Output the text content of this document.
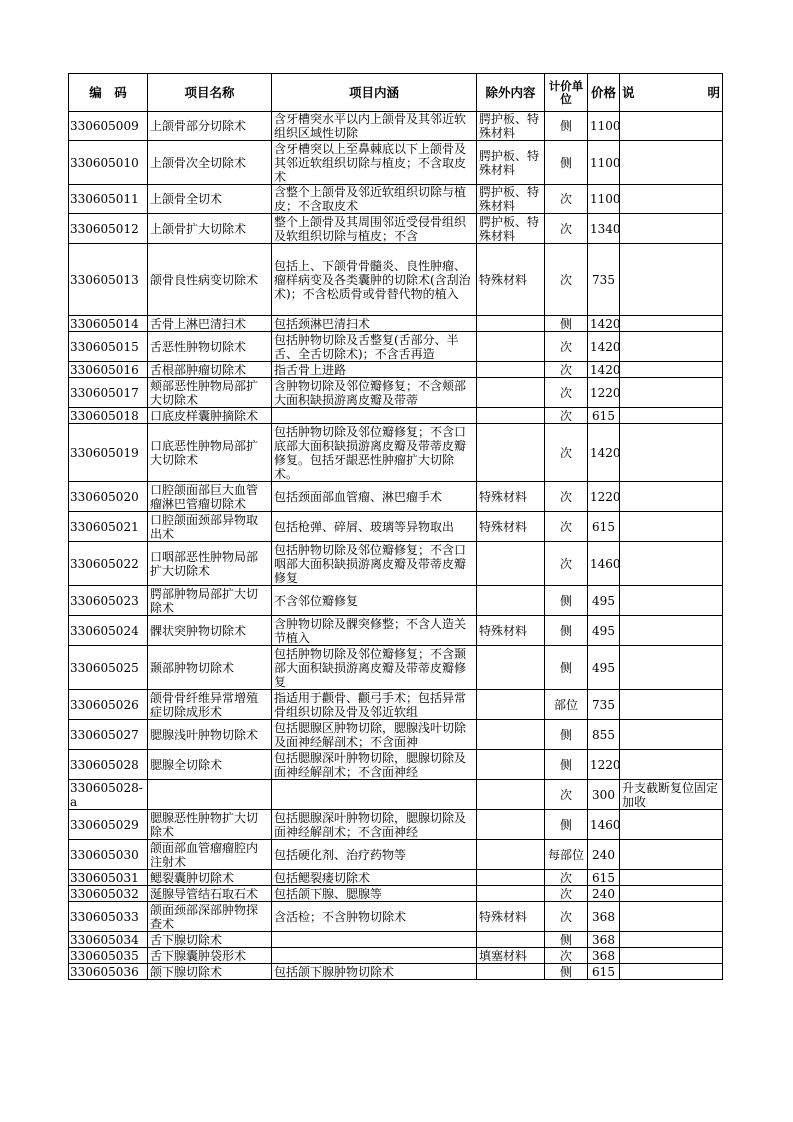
编　码	项目名称	项目内涵	除外内容	计价单位	价格	说 明

330605009	上颌骨部分切除术	含牙槽突水平以内上颌骨及其邻近软组织区域性切除	腭护板、特殊材料	侧	1100	

330605010	上颌骨次全切除术	含牙槽突以上至鼻棘底以下上颌骨及其邻近软组织切除与植皮；不含取皮术	腭护板、特殊材料	侧	1100	

330605011	上颌骨全切术	含整个上颌骨及邻近软组织切除与植皮；不含取皮术	腭护板、特殊材料	次	1100	

330605012	上颌骨扩大切除术	整个上颌骨及其周围邻近受侵骨组织及软组织切除与植皮；不含	腭护板、特殊材料	次	1340	

330605013	颌骨良性病变切除术	包括上、下颌骨骨髓炎、良性肿瘤、瘤样病变及各类囊肿的切除术(含刮治术)；不含松质骨或骨替代物的植入	特殊材料	次	735	

330605014	舌骨上淋巴清扫术	包括颈淋巴清扫术		侧	1420	

330605015	舌恶性肿物切除术	包括肿物切除及舌整复(舌部分、半舌、全舌切除术)；不含舌再造		次	1420	

330605016	舌根部肿瘤切除术	指舌骨上进路		次	1420	

330605017	颊部恶性肿物局部扩大切除术	含肿物切除及邻位瓣修复；不含颊部大面积缺损游离皮瓣及带蒂		次	1220	

330605018	口底皮样囊肿摘除术			次	615	

330605019	口底恶性肿物局部扩大切除术	包括肿物切除及邻位瓣修复；不含口底部大面积缺损游离皮瓣及带蒂皮瓣修复。包括牙龈恶性肿瘤扩大切除术。		次	1420	

330605020	口腔颌面部巨大血管瘤淋巴管瘤切除术	包括颈面部血管瘤、淋巴瘤手术	特殊材料	次	1220	

330605021	口腔颌面颈部异物取出术	包括枪弹、碎屑、玻璃等异物取出	特殊材料	次	615	

330605022	口咽部恶性肿物局部扩大切除术	包括肿物切除及邻位瓣修复；不含口咽部大面积缺损游离皮瓣及带蒂皮瓣修复		次	1460	

330605023	腭部肿物局部扩大切除术	不含邻位瓣修复		侧	495	

330605024	髁状突肿物切除术	含肿物切除及髁突修整；不含人造关节植入	特殊材料	侧	495	

330605025	颞部肿物切除术	包括肿物切除及邻位瓣修复；不含颞部大面积缺损游离皮瓣及带蒂皮瓣修复		侧	495	

330605026	颌骨骨纤维异常增殖症切除成形术	指适用于颧骨、颧弓手术；包括异常骨组织切除及骨及邻近软组		部位	735	

330605027	腮腺浅叶肿物切除术	包括腮腺区肿物切除，腮腺浅叶切除及面神经解剖术；不含面神		侧	855	

330605028	腮腺全切除术	包括腮腺深叶肿物切除，腮腺切除及面神经解剖术；不含面神经		侧	1220	

330605028-a				次	300	升支截断复位固定加收

330605029	腮腺恶性肿物扩大切除术	包括腮腺深叶肿物切除，腮腺切除及面神经解剖术；不含面神经		侧	1460	

330605030	颌面部血管瘤瘤腔内注射术	包括硬化剂、治疗药物等		每部位	240	

330605031	鳃裂囊肿切除术	包括鳃裂瘘切除术		次	615	

330605032	涎腺导管结石取石术	包括颌下腺、腮腺等		次	240	

330605033	颌面颈部深部肿物探查术	含活检；不含肿物切除术	特殊材料	次	368	

330605034	舌下腺切除术			侧	368	

330605035	舌下腺囊肿袋形术		填塞材料	次	368	

330605036	颌下腺切除术	包括颌下腺肿物切除术		侧	615	
